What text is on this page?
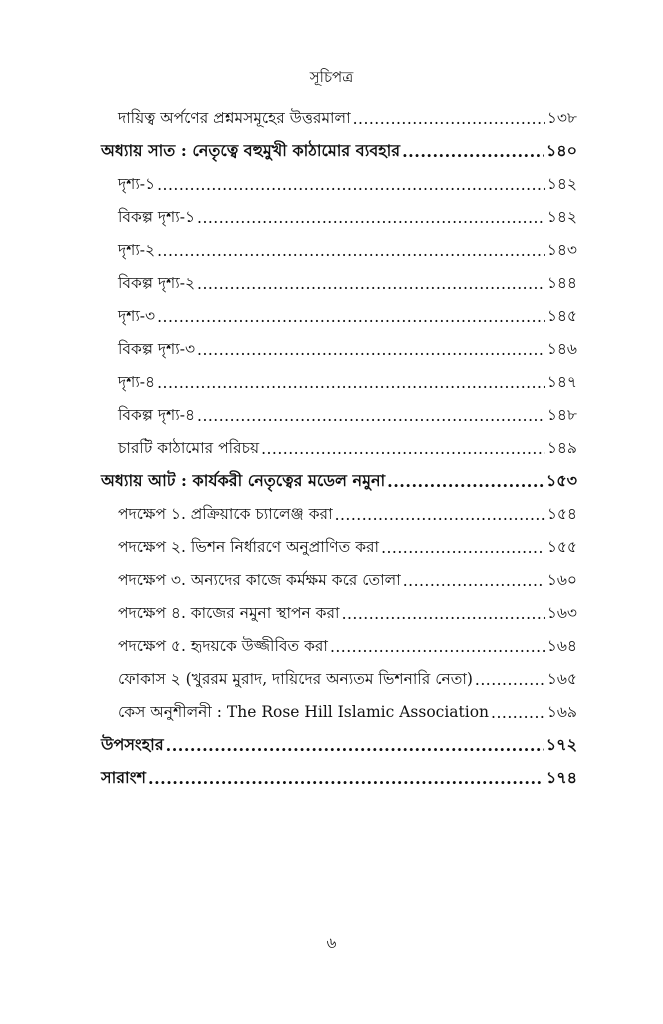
সূচিপত্র
দায়িত্ব অর্পণের প্রশ্নমসমূহের উত্তরমালা .....	১৩৮
অধ্যায় সাত : নেতৃত্বে বহুমুখী কাঠামোর ব্যবহার .....	১৪০
দৃশ্য-১ .....	১৪২
বিকল্প দৃশ্য-১ .....	১৪২
দৃশ্য-২ .....	১৪৩
বিকল্প দৃশ্য-২ .....	১৪৪
দৃশ্য-৩ .....	১৪৫
বিকল্প দৃশ্য-৩ .....	১৪৬
দৃশ্য-৪ .....	১৪৭
বিকল্প দৃশ্য-৪ .....	১৪৮
চারটি কাঠামোর পরিচয় .....	১৪৯
অধ্যায় আট : কার্যকরী নেতৃত্বের মডেল নমুনা .....	১৫৩
পদক্ষেপ ১. প্রক্রিয়াকে চ্যালেঞ্জ করা .....	১৫৪
পদক্ষেপ ২. ভিশন নির্ধারণে অনুপ্রাণিত করা .....	১৫৫
পদক্ষেপ ৩. অন্যদের কাজে কর্মক্ষম করে তোলা .....	১৬০
পদক্ষেপ ৪. কাজের নমুনা স্থাপন করা .....	১৬৩
পদক্ষেপ ৫. হৃদয়কে উজ্জীবিত করা .....	১৬৪
ফোকাস ২ (খুররম মুরাদ, দায়িদের অন্যতম ভিশনারি নেতা) .....	১৬৫
কেস অনুশীলনী : The Rose Hill Islamic Association .....	১৬৯
উপসংহার .....	১৭২
সারাংশ .....	১৭৪
৬
